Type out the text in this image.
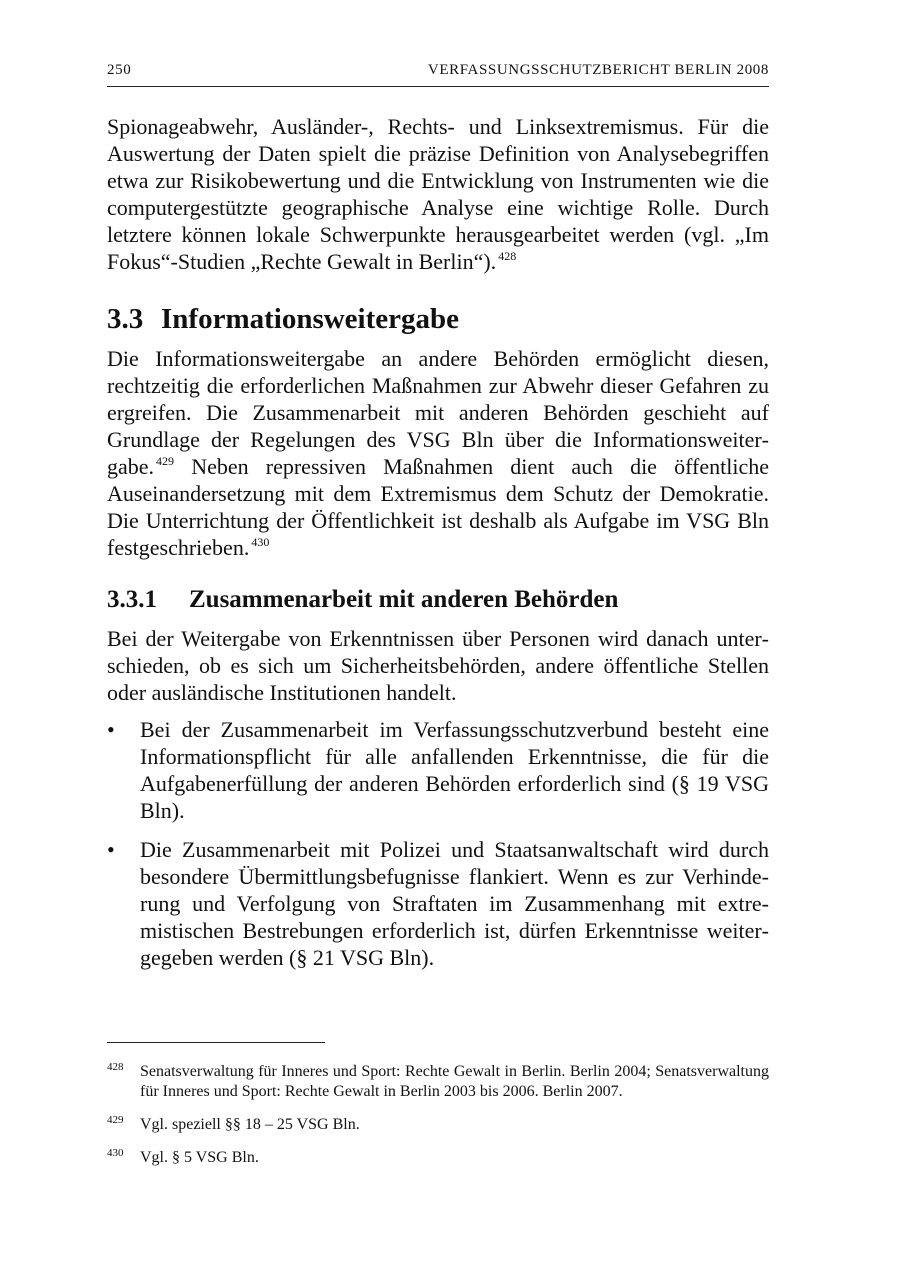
250	VERFASSUNGSSCHUTZBERICHT BERLIN 2008

Spionageabwehr, Ausländer-, Rechts- und Linksextremismus. Für die Auswertung der Daten spielt die präzise Definition von Analysebegriffen etwa zur Risikobewertung und die Entwicklung von Instrumenten wie die computergestützte geographische Analyse eine wichtige Rolle. Durch letztere können lokale Schwerpunkte herausgearbeitet werden (vgl. „Im Fokus“-Studien „Rechte Gewalt in Berlin“). $^{428}$

3.3 Informationsweitergabe

Die Informationsweitergabe an andere Behörden ermöglicht diesen, rechtzeitig die erforderlichen Maßnahmen zur Abwehr dieser Gefahren zu ergreifen. Die Zusammenarbeit mit anderen Behörden geschieht auf Grundlage der Regelungen des VSG Bln über die Informationsweitergabe. $^{429}$ Neben repressiven Maßnahmen dient auch die öffentliche Auseinandersetzung mit dem Extremismus dem Schutz der Demokratie. Die Unterrichtung der Öffentlichkeit ist deshalb als Aufgabe im VSG Bln festgeschrieben. $^{430}$

3.3.1 Zusammenarbeit mit anderen Behörden

Bei der Weitergabe von Erkenntnissen über Personen wird danach unterschieden, ob es sich um Sicherheitsbehörden, andere öffentliche Stellen oder ausländische Institutionen handelt.

•	Bei der Zusammenarbeit im Verfassungsschutzverbund besteht eine Informationspflicht für alle anfallenden Erkenntnisse, die für die Aufgabenerfüllung der anderen Behörden erforderlich sind (§ 19 VSG Bln).
•	Die Zusammenarbeit mit Polizei und Staatsanwaltschaft wird durch besondere Übermittlungsbefugnisse flankiert. Wenn es zur Verhinderung und Verfolgung von Straftaten im Zusammenhang mit extremistischen Bestrebungen erforderlich ist, dürfen Erkenntnisse weitergegeben werden (§ 21 VSG Bln).
428 Senatsverwaltung für Inneres und Sport: Rechte Gewalt in Berlin. Berlin 2004; Senatsverwaltung für Inneres und Sport: Rechte Gewalt in Berlin 2003 bis 2006. Berlin 2007.
429 Vgl. speziell §§ 18 – 25 VSG Bln.
430 Vgl. § 5 VSG Bln.
